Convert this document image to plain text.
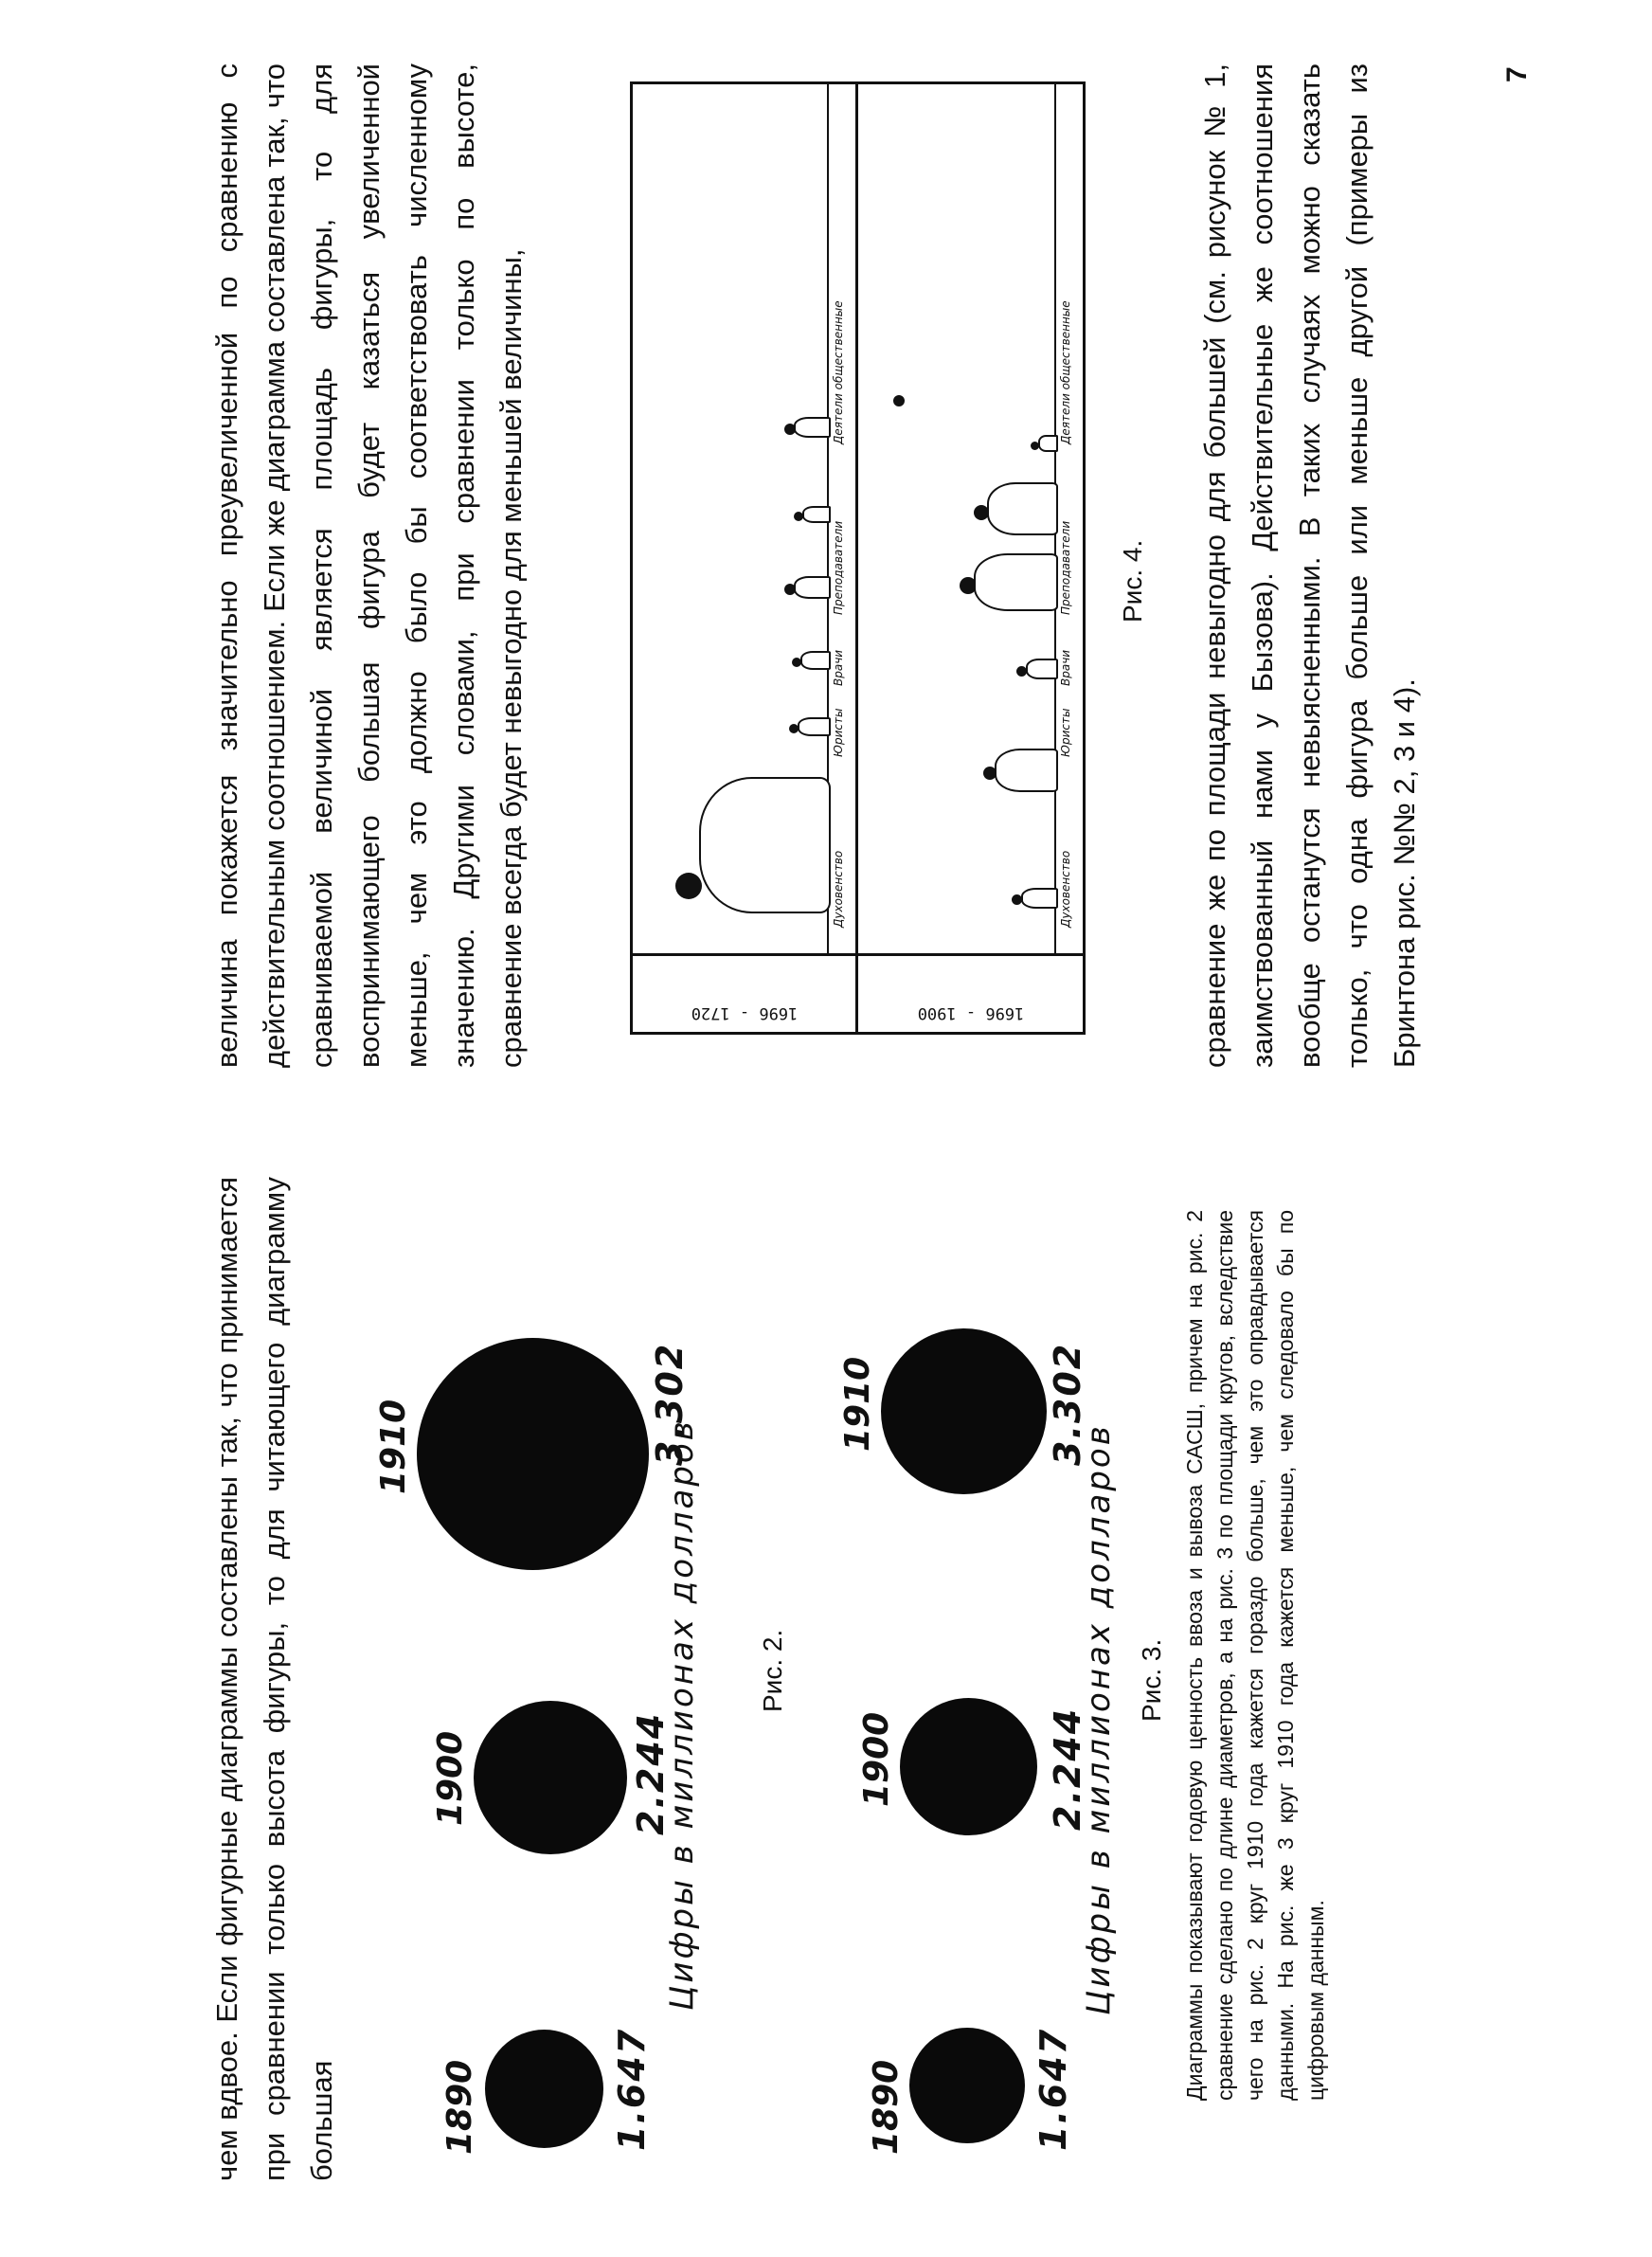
чем вдвое. Если фигурные диаграммы составлены так, что принимается при сравнении только высота фигуры, то для читающего диаграмму большая	1890
1900
1910
1.647
2.244
3.302
Цифры в миллионах долларов Рис. 2.
1890
1900
1910
1.647
2.244
3.302
Цифры в миллионах долларов Рис. 3. Диаграммы показывают годовую ценность ввоза и вывоза САСШ, причем на рис. 2 сравнение сделано по длине диаметров, а на рис. 3 по площади кругов, вследствие чего на рис. 2 круг 1910 года кажется гораздо больше, чем это оправдывается данными. На рис. же 3 круг 1910 года кажется меньше, чем следовало бы по цифровым данным.

величина покажется значительно преувеличенной по сравнению с действительным соотношением. Если же диаграмма составлена так, что сравниваемой величиной является площадь фигуры, то для воспринимающего большая фигура будет казаться увеличенной меньше, чем это должно было бы соответствовать численному значению. Другими словами, при сравнении только по высоте, сравнение всегда будет невыгодно для меньшей величины,	1696 - 1720	1696 - 1900
Духовенство
Юристы
Врачи
Преподаватели
Деятели общественные
Духовенство
Юристы
Врачи
Преподаватели
Деятели общественные
Рис. 4. сравнение же по площади невыгодно для большей (см. рисунок № 1, заимствованный нами у Бызова). Действительные же соотношения вообще останутся невыясненными. В таких случаях можно сказать только, что одна фигура больше или меньше другой (примеры из Бринтона рис. №№ 2, 3 и 4).

7
